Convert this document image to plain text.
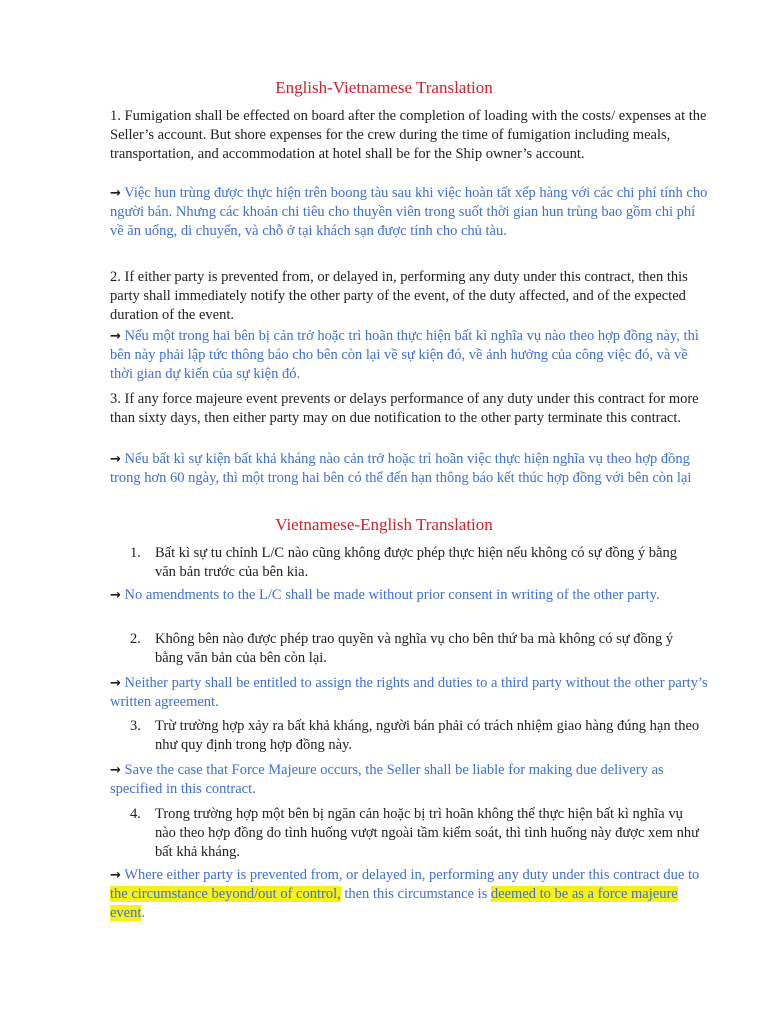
English-Vietnamese Translation
1. Fumigation shall be effected on board after the completion of loading with the costs/ expenses at the Seller’s account. But shore expenses for the crew during the time of fumigation including meals, transportation, and accommodation at hotel shall be for the Ship owner’s account.
→ Việc hun trùng được thực hiện trên boong tàu sau khi việc hoàn tất xếp hàng với các chi phí tính cho người bán. Nhưng các khoản chi tiêu cho thuyền viên trong suốt thời gian hun trùng bao gồm chi phí về ăn uống, di chuyển, và chỗ ở tại khách sạn được tính cho chủ tàu.
2. If either party is prevented from, or delayed in, performing any duty under this contract, then this party shall immediately notify the other party of the event, of the duty affected, and of the expected duration of the event.
→ Nếu một trong hai bên bị cản trở hoặc trì hoãn thực hiện bất kì nghĩa vụ nào theo hợp đồng này, thì bên này phải lập tức thông báo cho bên còn lại về sự kiện đó, về ảnh hưởng của công việc đó, và về thời gian dự kiến của sự kiện đó.
3. If any force majeure event prevents or delays performance of any duty under this contract for more than sixty days, then either party may on due notification to the other party terminate this contract.
→ Nếu bất kì sự kiện bất khả kháng nào cản trở hoặc trì hoãn việc thực hiện nghĩa vụ theo hợp đồng trong hơn 60 ngày, thì một trong hai bên có thể đến hạn thông báo kết thúc hợp đồng với bên còn lại
Vietnamese-English Translation
1. Bất kì sự tu chỉnh L/C nào cũng không được phép thực hiện nếu không có sự đồng ý bằng văn bản trước của bên kia.
→ No amendments to the L/C shall be made without prior consent in writing of the other party.
2. Không bên nào được phép trao quyền và nghĩa vụ cho bên thứ ba mà không có sự đồng ý bằng văn bản của bên còn lại.
→ Neither party shall be entitled to assign the rights and duties to a third party without the other party’s written agreement.
3. Trừ trường hợp xảy ra bất khả kháng, người bán phải có trách nhiệm giao hàng đúng hạn theo như quy định trong hợp đồng này.
→ Save the case that Force Majeure occurs, the Seller shall be liable for making due delivery as specified in this contract.
4. Trong trường hợp một bên bị ngăn cản hoặc bị trì hoãn không thể thực hiện bất kì nghĩa vụ nào theo hợp đồng do tình huống vượt ngoài tầm kiểm soát, thì tình huống này được xem như bất khả kháng.
→ Where either party is prevented from, or delayed in, performing any duty under this contract due to the circumstance beyond/out of control, then this circumstance is deemed to be as a force majeure event.
